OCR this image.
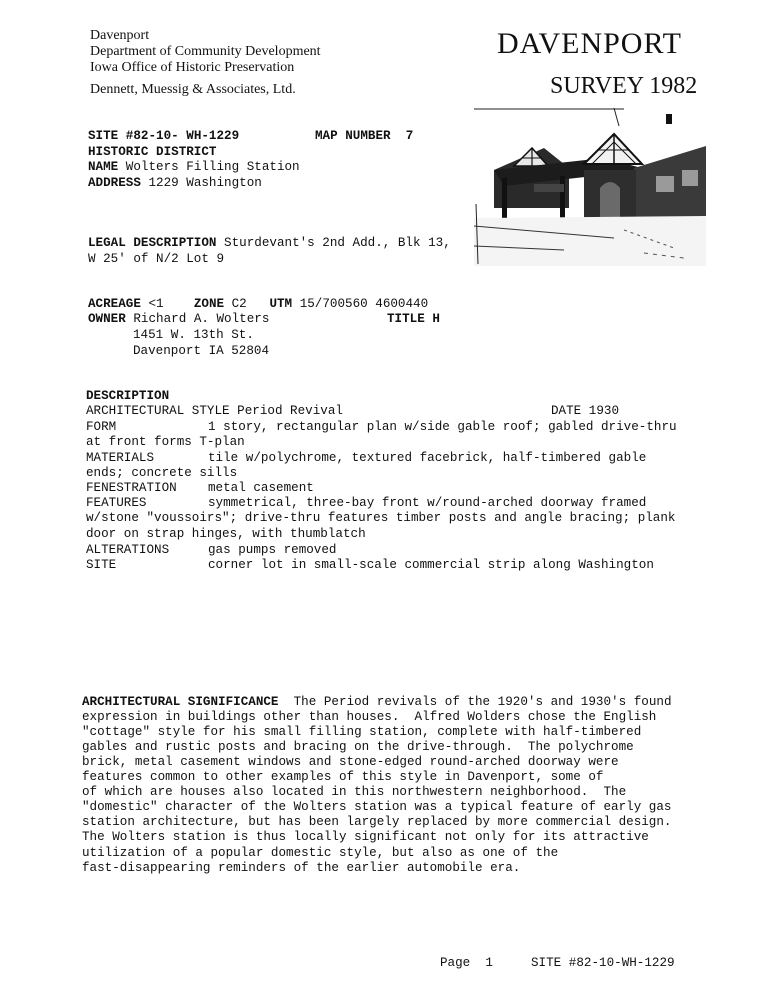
Davenport
Department of Community Development
Iowa Office of Historic Preservation
Dennett, Muessig & Associates, Ltd.
DAVENPORT
SURVEY 1982
SITE #82-10- WH-1229	MAP NUMBER 7
HISTORIC DISTRICT
NAME Wolters Filling Station
ADDRESS 1229 Washington
LEGAL DESCRIPTION Sturdevant's 2nd Add., Blk 13,
W 25' of N/2 Lot 9
ACREAGE <1 ZONE C2 UTM 15/700560 4600440
OWNER Richard A. Wolters	TITLE H
1451 W. 13th St.
Davenport IA 52804
DESCRIPTION
ARCHITECTURAL STYLE Period Revival	DATE 1930
FORM	1 story, rectangular plan w/side gable roof; gabled drive-thru
at front forms T-plan
MATERIALS	tile w/polychrome, textured facebrick, half-timbered gable
ends; concrete sills
FENESTRATION metal casement
FEATURES	symmetrical, three-bay front w/round-arched doorway framed
w/stone "voussoirs"; drive-thru features timber posts and angle bracing; plank
door on strap hinges, with thumblatch
ALTERATIONS	gas pumps removed
SITE	corner lot in small-scale commercial strip along Washington
ARCHITECTURAL SIGNIFICANCE The Period revivals of the 1920's and 1930's found
expression in buildings other than houses.  Alfred Wolders chose the English
"cottage" style for his small filling station, complete with half-timbered
gables and rustic posts and bracing on the drive-through.  The polychrome
brick, metal casement windows and stone-edged round-arched doorway were
features common to other examples of this style in Davenport, some of
of which are houses also located in this northwestern neighborhood.  The
"domestic" character of the Wolters station was a typical feature of early gas
station architecture, but has been largely replaced by more commercial design.
The Wolters station is thus locally significant not only for its attractive
utilization of a popular domestic style, but also as one of the
fast-disappearing reminders of the earlier automobile era.
Page 1	SITE #82-10-WH-1229
